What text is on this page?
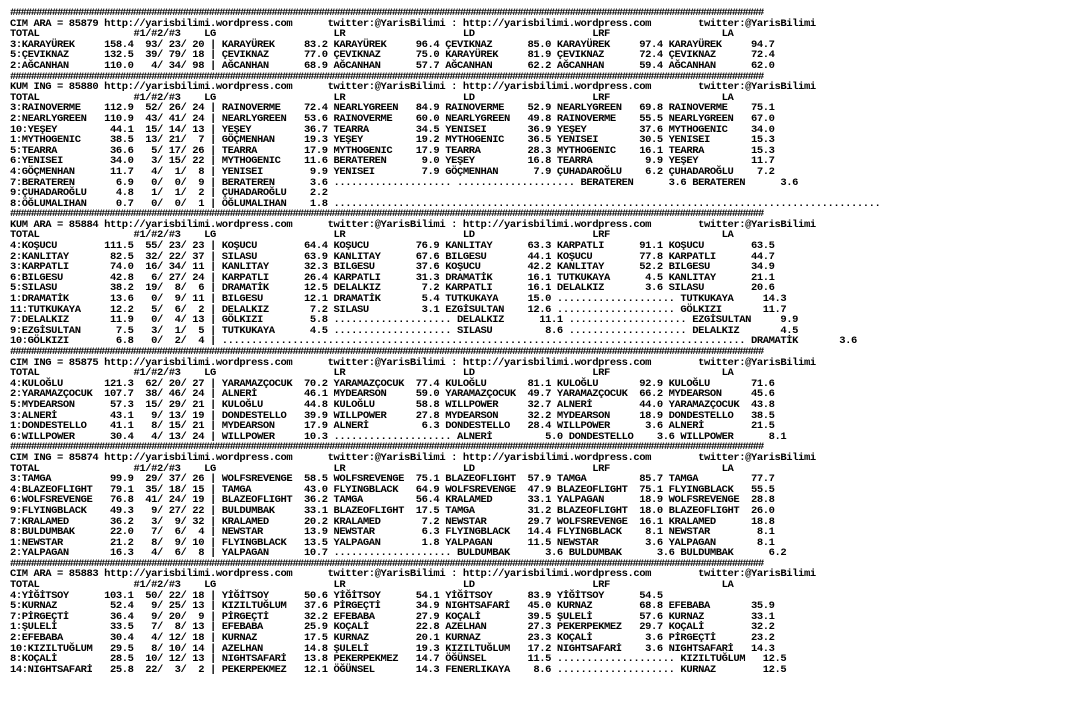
################################################################################################################################################
CIM ARA = 85879 http://yarisbilimi.wordpress.com      twitter:@YarisBilimi : http://yarisbilimi.wordpress.com        twitter:@YarisBilimi
TOTAL                #1/#2/#3    LG                    LR                    LD                    LRF                   LA
3:KARAYÜREK     158.4  93/ 23/ 20 | KARAYÜREK     83.2 KARAYÜREK     96.4 ÇEVIKNAZ      85.0 KARAYÜREK     97.4 KARAYÜREK     94.7
5:ÇEVIKNAZ      132.5  39/ 79/ 18 | ÇEVIKNAZ      77.0 ÇEVIKNAZ      75.0 KARAYÜREK     81.9 ÇEVIKNAZ      72.4 ÇEVIKNAZ      72.4
2:AĞCANHAN      110.0   4/ 34/ 98 | AĞCANHAN      68.9 AĞCANHAN      57.7 AĞCANHAN      62.2 AĞCANHAN      59.4 AĞCANHAN      62.0
################################################################################################################################################
KUM ING = 85880 http://yarisbilimi.wordpress.com      twitter:@YarisBilimi : http://yarisbilimi.wordpress.com        twitter:@YarisBilimi
TOTAL                #1/#2/#3    LG                    LR                    LD                    LRF                   LA
3:RAINOVERME    112.9  52/ 26/ 24 | RAINOVERME    72.4 NEARLYGREEN   84.9 RAINOVERME    52.9 NEARLYGREEN   69.8 RAINOVERME    75.1
2:NEARLYGREEN   110.9  43/ 41/ 24 | NEARLYGREEN   53.6 RAINOVERME    60.0 NEARLYGREEN   49.8 RAINOVERME    55.5 NEARLYGREEN   67.0
10:YEŞEY         44.1  15/ 14/ 13 | YEŞEY         36.7 TEARRA        34.5 YENISEI       36.9 YEŞEY         37.6 MYTHOGENIC    34.0
1:MYTHOGENIC     38.5  13/ 21/  7 | GÖÇMENHAN     19.3 YEŞEY         19.2 MYTHOGENIC    36.5 YENISEI       30.5 YENISEI       15.3
5:TEARRA         36.6   5/ 17/ 26 | TEARRA        17.9 MYTHOGENIC    17.9 TEARRA        28.3 MYTHOGENIC    16.1 TEARRA        15.3
6:YENISEI        34.0   3/ 15/ 22 | MYTHOGENIC    11.6 BERATEREN      9.0 YEŞEY         16.8 TEARRA         9.9 YEŞEY         11.7
4:GÖÇMENHAN      11.7   4/  1/  8 | YENISEI        9.9 YENISEI        7.9 GÖÇMENHAN      7.9 ÇUHADAROĞLU    6.2 ÇUHADAROĞLU    7.2
7:BERATEREN       6.9   0/  0/  9 | BERATEREN      3.6 .................... .................... BERATEREN      3.6 BERATEREN      3.6
9:ÇUHADAROĞLU     4.8   1/  1/  2 | ÇUHADAROĞLU    2.2
8:ÖĞLUMALIHAN     0.7   0/  0/  1 | ÖĞLUMALIHAN    1.8 .............................................................................................
################################################################################################################################################
KUM ARA = 85884 http://yarisbilimi.wordpress.com      twitter:@YarisBilimi : http://yarisbilimi.wordpress.com        twitter:@YarisBilimi
TOTAL                #1/#2/#3    LG                    LR                    LD                    LRF                   LA
4:KOŞUCU        111.5  55/ 23/ 23 | KOŞUCU        64.4 KOŞUCU        76.9 KANLITAY      63.3 KARPATLI      91.1 KOŞUCU        63.5
2:KANLITAY       82.5  32/ 22/ 37 | SILASU        63.9 KANLITAY      67.6 BILGESU       44.1 KOŞUCU        77.8 KARPATLI      44.7
3:KARPATLI       74.0  16/ 34/ 11 | KANLITAY      32.3 BILGESU       37.6 KOŞUCU        42.2 KANLITAY      52.2 BILGESU       34.9
6:BILGESU        42.8   6/ 27/ 24 | KARPATLI      26.4 KARPATLI      31.3 DRAMATİK      16.1 TUTKUKAYA      4.5 KANLITAY      21.1
5:SILASU         38.2  19/  8/  6 | DRAMATİK      12.5 DELALKIZ       7.2 KARPATLI      16.1 DELALKIZ       3.6 SILASU        20.6
1:DRAMATİK       13.6   0/  9/ 11 | BILGESU       12.1 DRAMATİK       5.4 TUTKUKAYA     15.0 .................... TUTKUKAYA     14.3
11:TUTKUKAYA     12.2   5/  6/  2 | DELALKIZ       7.2 SILASU         3.1 EZGİSULTAN    12.6 .................... GÖLKIZI       11.7
7:DELALKIZ       11.9   0/  4/ 13 | GÖLKIZI        5.8 .................... DELALKIZ      11.1 .................... EZGİSULTAN     9.9
9:EZGİSULTAN      7.5   3/  1/  5 | TUTKUKAYA      4.5 .................... SILASU         8.6 .................... DELALKIZ       4.5
10:GÖLKIZI        6.8   0/  2/  4 | ......................................................................................... DRAMATİK       3.6
################################################################################################################################################
CIM ING = 85875 http://yarisbilimi.wordpress.com      twitter:@YarisBilimi : http://yarisbilimi.wordpress.com        twitter:@YarisBilimi
TOTAL                #1/#2/#3    LG                    LR                    LD                    LRF                   LA
4:KULOĞLU       121.3  62/ 20/ 27 | YARAMAZÇOCUK  70.2 YARAMAZÇOCUK  77.4 KULOĞLU       81.1 KULOĞLU       92.9 KULOĞLU       71.6
2:YARAMAZÇOCUK  107.7  38/ 46/ 24 | ALNERİ        46.1 MYDEARSON     59.0 YARAMAZÇOCUK  49.7 YARAMAZÇOCUK  66.2 MYDEARSON     45.6
5:MYDEARSON      57.3  15/ 29/ 21 | KULOĞLU       44.8 KULOĞLU       58.8 WILLPOWER     32.7 ALNERİ        44.0 YARAMAZÇOCUK  43.8
3:ALNERİ         43.1   9/ 13/ 19 | DONDESTELLO   39.9 WILLPOWER     27.8 MYDEARSON     32.2 MYDEARSON     18.9 DONDESTELLO   38.5
1:DONDESTELLO    41.1   8/ 15/ 21 | MYDEARSON     17.9 ALNERİ         6.3 DONDESTELLO   28.4 WILLPOWER      3.6 ALNERİ        21.5
6:WILLPOWER      30.4   4/ 13/ 24 | WILLPOWER     10.3 .................... ALNERİ         5.0 DONDESTELLO    3.6 WILLPOWER      8.1
################################################################################################################################################
CIM ING = 85874 http://yarisbilimi.wordpress.com      twitter:@YarisBilimi : http://yarisbilimi.wordpress.com        twitter:@YarisBilimi
TOTAL                #1/#2/#3    LG                    LR                    LD                    LRF                   LA
3:TAMGA          99.9  29/ 37/ 26 | WOLFSREVENGE  58.5 WOLFSREVENGE  75.1 BLAZEOFLIGHT  57.9 TAMGA         85.7 TAMGA         77.7
4:BLAZEOFLIGHT   79.1  35/ 18/ 15 | TAMGA         43.0 FLYINGBLACK   64.9 WOLFSREVENGE  47.9 BLAZEOFLIGHT  75.1 FLYINGBLACK   55.5
6:WOLFSREVENGE   76.8  41/ 24/ 19 | BLAZEOFLIGHT  36.2 TAMGA         56.4 KRALAMED      33.1 YALPAGAN      18.9 WOLFSREVENGE  28.8
9:FLYINGBLACK    49.3   9/ 27/ 22 | BULDUMBAK     33.1 BLAZEOFLIGHT  17.5 TAMGA         31.2 BLAZEOFLIGHT  18.0 BLAZEOFLIGHT  26.0
7:KRALAMED       36.2   3/  9/ 32 | KRALAMED      20.2 KRALAMED       7.2 NEWSTAR       29.7 WOLFSREVENGE  16.1 KRALAMED      18.8
8:BULDUMBAK      22.0   7/  6/  4 | NEWSTAR       13.9 NEWSTAR        6.3 FLYINGBLACK   14.4 FLYINGBLACK    8.1 NEWSTAR        8.1
1:NEWSTAR        21.2   8/  9/ 10 | FLYINGBLACK   13.5 YALPAGAN       1.8 YALPAGAN      11.5 NEWSTAR        3.6 YALPAGAN       8.1
2:YALPAGAN       16.3   4/  6/  8 | YALPAGAN      10.7 .................... BULDUMBAK      3.6 BULDUMBAK      3.6 BULDUMBAK      6.2
################################################################################################################################################
CIM ARA = 85883 http://yarisbilimi.wordpress.com      twitter:@YarisBilimi : http://yarisbilimi.wordpress.com        twitter:@YarisBilimi
TOTAL                #1/#2/#3    LG                    LR                    LD                    LRF                   LA
4:YİĞİTSOY      103.1  50/ 22/ 18 | YİĞİTSOY      50.6 YİĞİTSOY      54.1 YİĞİTSOY      83.9 YİĞİTSOY      54.5
5:KURNAZ         52.4   9/ 25/ 13 | KIZILTUĞLUM   37.6 PİRGEÇTİ      34.9 NIGHTSAFARİ   45.0 KURNAZ        68.8 EFEBABA       35.9
7:PİRGEÇTİ       36.4   9/ 20/  9 | PİRGEÇTİ      32.2 EFEBABA       27.9 KOÇALİ        39.5 ŞULELİ        57.6 KURNAZ        33.1
1:ŞULELİ         33.5   7/  8/ 13 | EFEBABA       25.9 KOÇALİ        22.8 AZELHAN       27.3 PEKERPEKMEZ   29.7 KOÇALİ        32.2
2:EFEBABA        30.4   4/ 12/ 18 | KURNAZ        17.5 KURNAZ        20.1 KURNAZ        23.3 KOÇALİ         3.6 PİRGEÇTİ      23.2
10:KIZILTUĞLUM   29.5   8/ 10/ 14 | AZELHAN       14.8 ŞULELİ        19.3 KIZILTUĞLUM   17.2 NIGHTSAFARİ    3.6 NIGHTSAFARİ   14.3
8:KOÇALİ         28.5  10/ 12/ 13 | NIGHTSAFARİ   13.8 PEKERPEKMEZ   14.7 ÖĞÜNSEL       11.5 .................... KIZILTUĞLUM   12.5
14:NIGHTSAFARİ   25.8  22/  3/  2 | PEKERPEKMEZ   12.1 ÖĞÜNSEL       14.3 FENERLIKAYA    8.6 .................... KURNAZ        12.5
